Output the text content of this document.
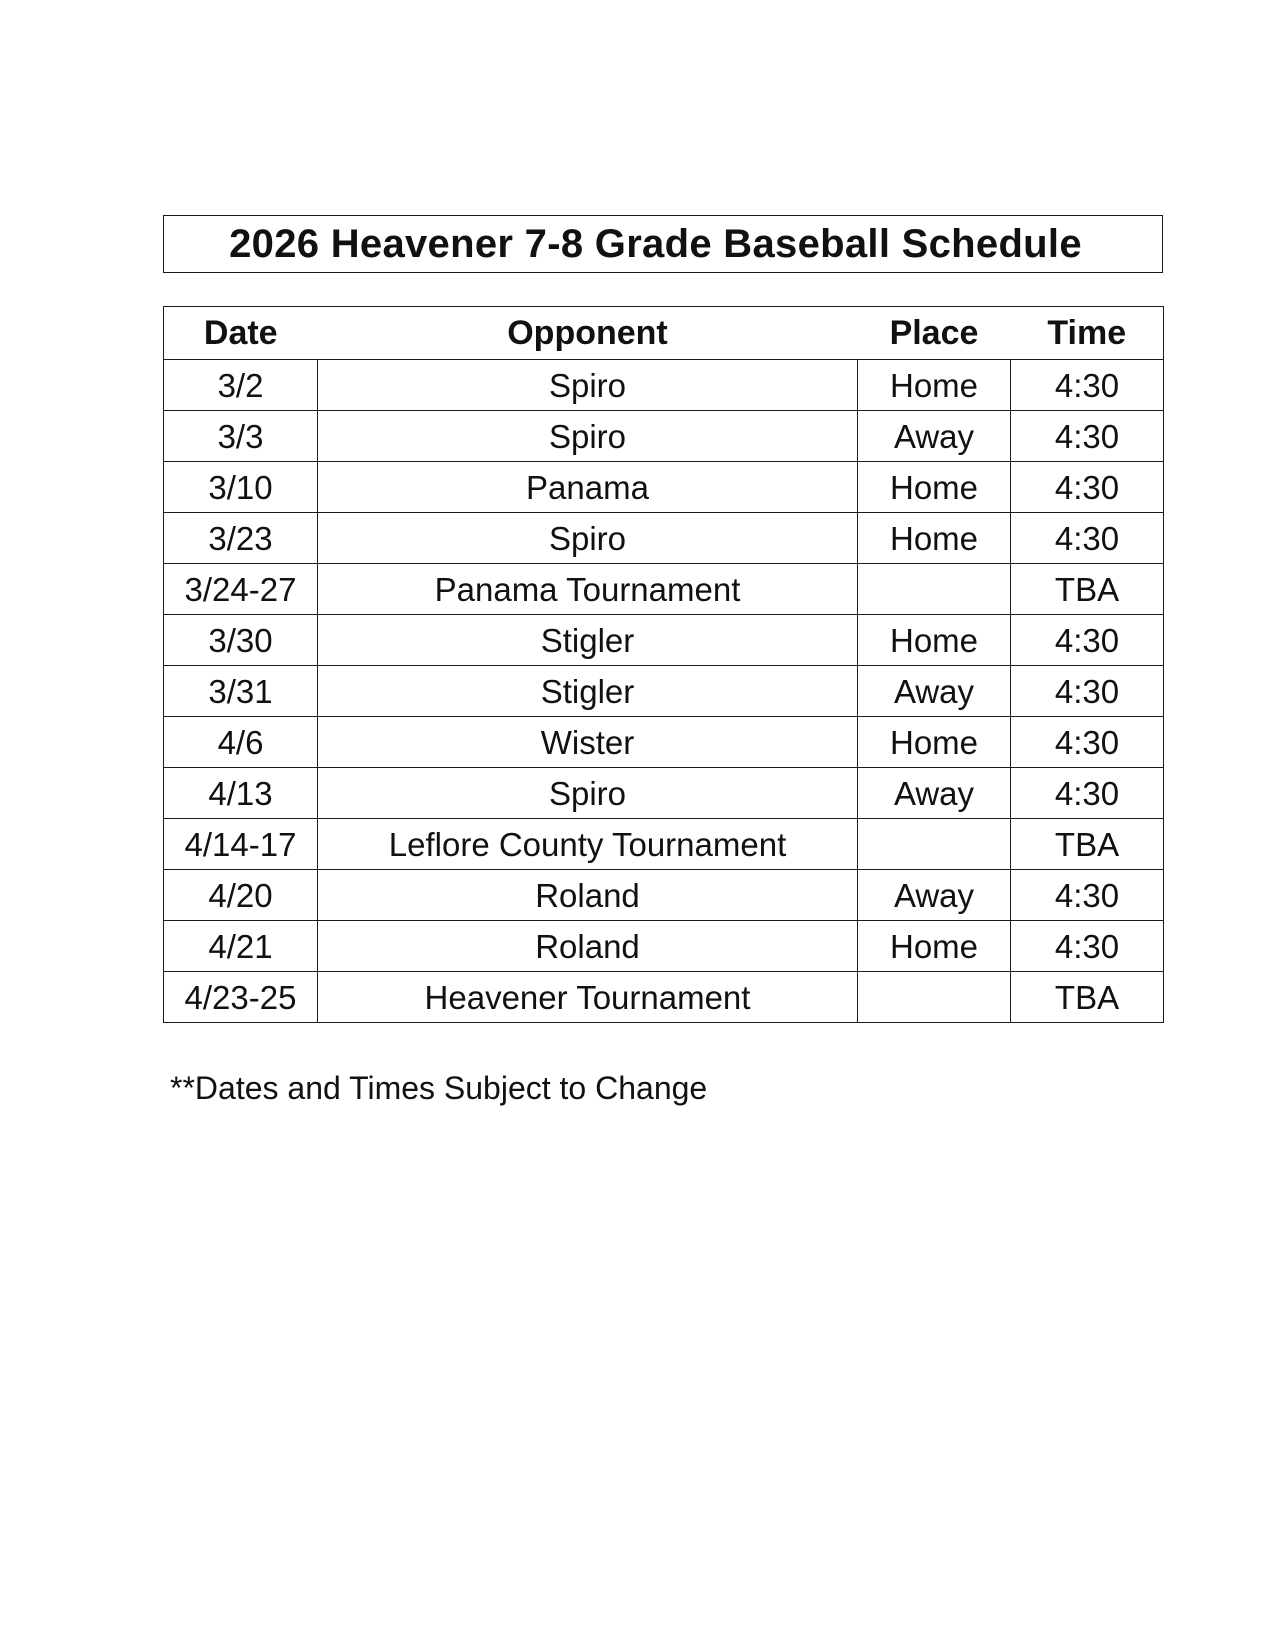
2026 Heavener 7-8 Grade Baseball Schedule
Date	Opponent	Place	Time
3/2	Spiro	Home	4:30
3/3	Spiro	Away	4:30
3/10	Panama	Home	4:30
3/23	Spiro	Home	4:30
3/24-27	Panama Tournament		TBA
3/30	Stigler	Home	4:30
3/31	Stigler	Away	4:30
4/6	Wister	Home	4:30
4/13	Spiro	Away	4:30
4/14-17	Leflore County Tournament		TBA
4/20	Roland	Away	4:30
4/21	Roland	Home	4:30
4/23-25	Heavener Tournament		TBA
**Dates and Times Subject to Change
